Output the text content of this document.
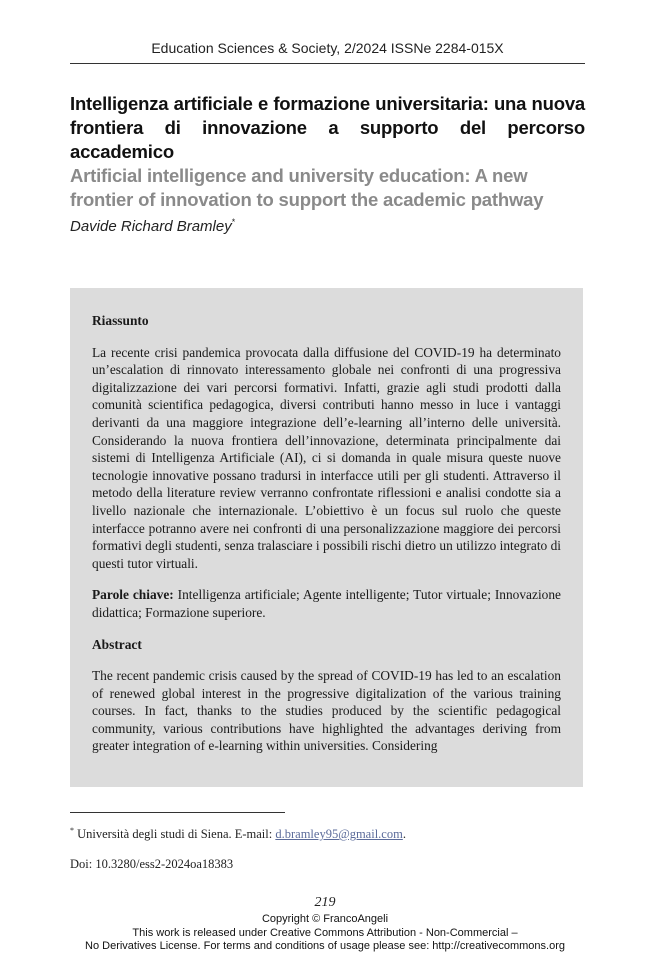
Education Sciences & Society, 2/2024 ISSNe 2284-015X
Intelligenza artificiale e formazione universitaria: una nuova frontiera di innovazione a supporto del percorso accademico
Artificial intelligence and university education: A new frontier of innovation to support the academic pathway
Davide Richard Bramley*
Riassunto

La recente crisi pandemica provocata dalla diffusione del COVID-19 ha determinato un’escalation di rinnovato interessamento globale nei confronti di una progressiva digitalizzazione dei vari percorsi formativi. Infatti, grazie agli studi prodotti dalla comunità scientifica pedagogica, diversi contributi hanno messo in luce i vantaggi derivanti da una maggiore integrazione dell’e-learning all’interno delle università. Considerando la nuova frontiera dell’innovazione, determinata principalmente dai sistemi di Intelligenza Artificiale (AI), ci si domanda in quale misura queste nuove tecnologie innovative possano tradursi in interfacce utili per gli studenti. Attraverso il metodo della literature review verranno confrontate riflessioni e analisi condotte sia a livello nazionale che internazionale. L’obiettivo è un focus sul ruolo che queste interfacce potranno avere nei confronti di una personalizzazione maggiore dei percorsi formativi degli studenti, senza tralasciare i possibili rischi dietro un utilizzo integrato di questi tutor virtuali.

Parole chiave: Intelligenza artificiale; Agente intelligente; Tutor virtuale; Innovazione didattica; Formazione superiore.

Abstract

The recent pandemic crisis caused by the spread of COVID-19 has led to an escalation of renewed global interest in the progressive digitalization of the various training courses. In fact, thanks to the studies produced by the scientific pedagogical community, various contributions have highlighted the advantages deriving from greater integration of e-learning within universities. Considering

* Università degli studi di Siena. E-mail: d.bramley95@gmail.com.
Doi: 10.3280/ess2-2024oa18383
219
Copyright © FrancoAngeli
This work is released under Creative Commons Attribution - Non-Commercial –
No Derivatives License. For terms and conditions of usage please see: http://creativecommons.org
